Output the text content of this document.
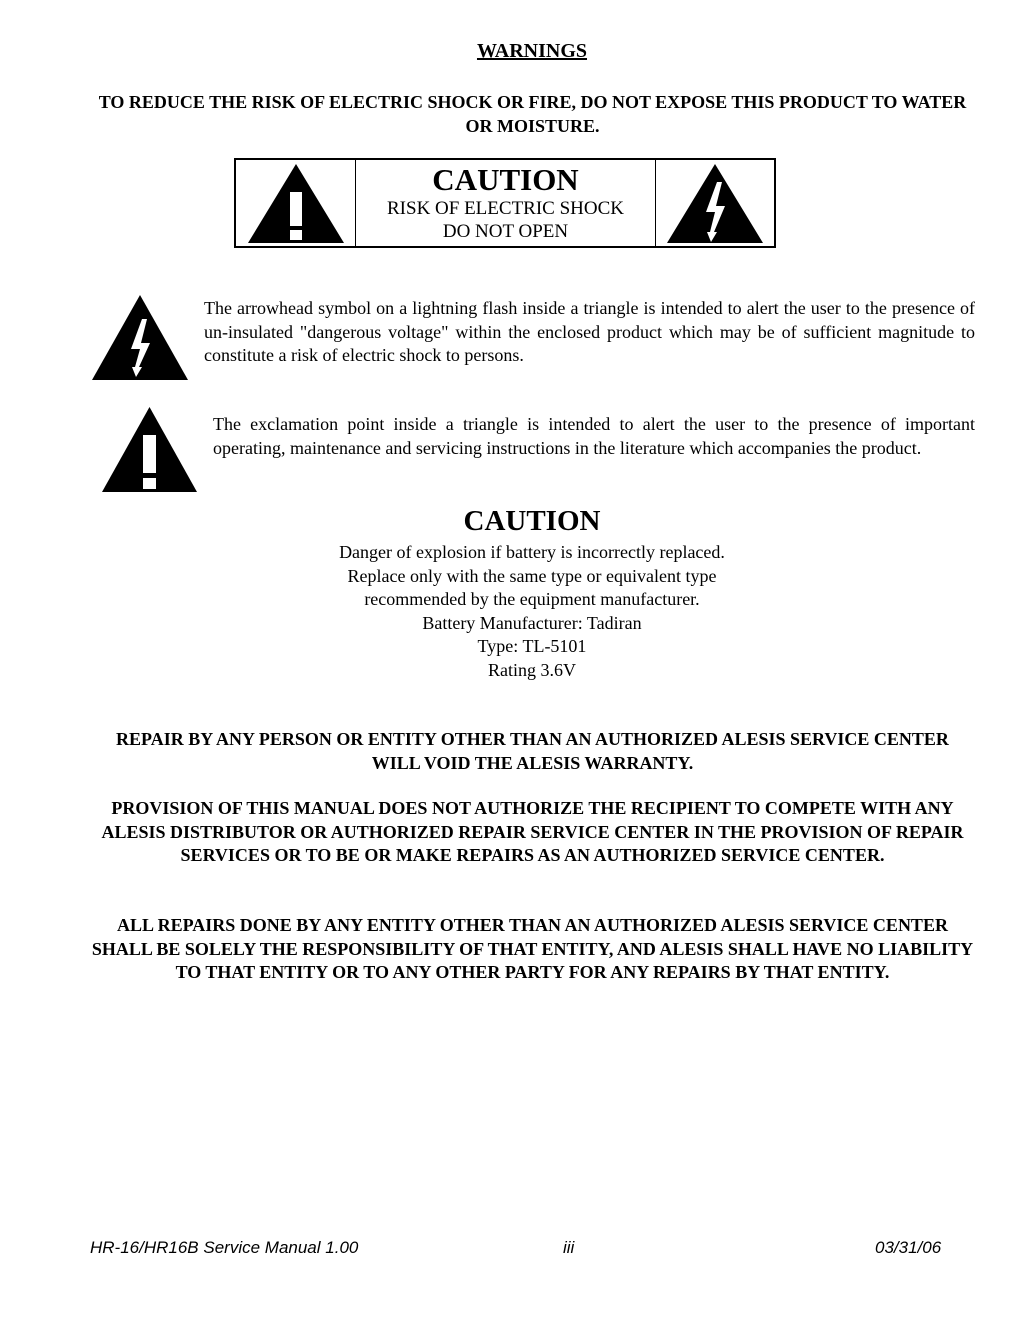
WARNINGS
TO REDUCE THE RISK OF ELECTRIC SHOCK OR FIRE, DO NOT EXPOSE THIS PRODUCT TO WATER OR MOISTURE.
CAUTION
RISK OF ELECTRIC SHOCK
DO NOT OPEN
The arrowhead symbol on a lightning flash inside a triangle is intended to alert the user to the presence of un-insulated "dangerous voltage" within the enclosed product which may be of sufficient magnitude to constitute a risk of electric shock to persons.
The exclamation point inside a triangle is intended to alert the user to the presence of important operating, maintenance and servicing instructions in the literature which accompanies the product.
CAUTION
Danger of explosion if battery is incorrectly replaced.
Replace only with the same type or equivalent type
recommended by the equipment manufacturer.
Battery Manufacturer: Tadiran
Type: TL-5101
Rating 3.6V
REPAIR BY ANY PERSON OR ENTITY OTHER THAN AN AUTHORIZED ALESIS SERVICE CENTER WILL VOID THE ALESIS WARRANTY.
PROVISION OF THIS MANUAL DOES NOT AUTHORIZE THE RECIPIENT TO COMPETE WITH ANY ALESIS DISTRIBUTOR OR AUTHORIZED REPAIR SERVICE CENTER IN THE PROVISION OF REPAIR SERVICES OR TO BE OR MAKE REPAIRS AS AN AUTHORIZED SERVICE CENTER.
ALL REPAIRS DONE BY ANY ENTITY OTHER THAN AN AUTHORIZED ALESIS SERVICE CENTER SHALL BE SOLELY THE RESPONSIBILITY OF THAT ENTITY, AND ALESIS SHALL HAVE NO LIABILITY TO THAT ENTITY OR TO ANY OTHER PARTY FOR ANY REPAIRS BY THAT ENTITY.
HR-16/HR16B Service Manual 1.00	iii	03/31/06
